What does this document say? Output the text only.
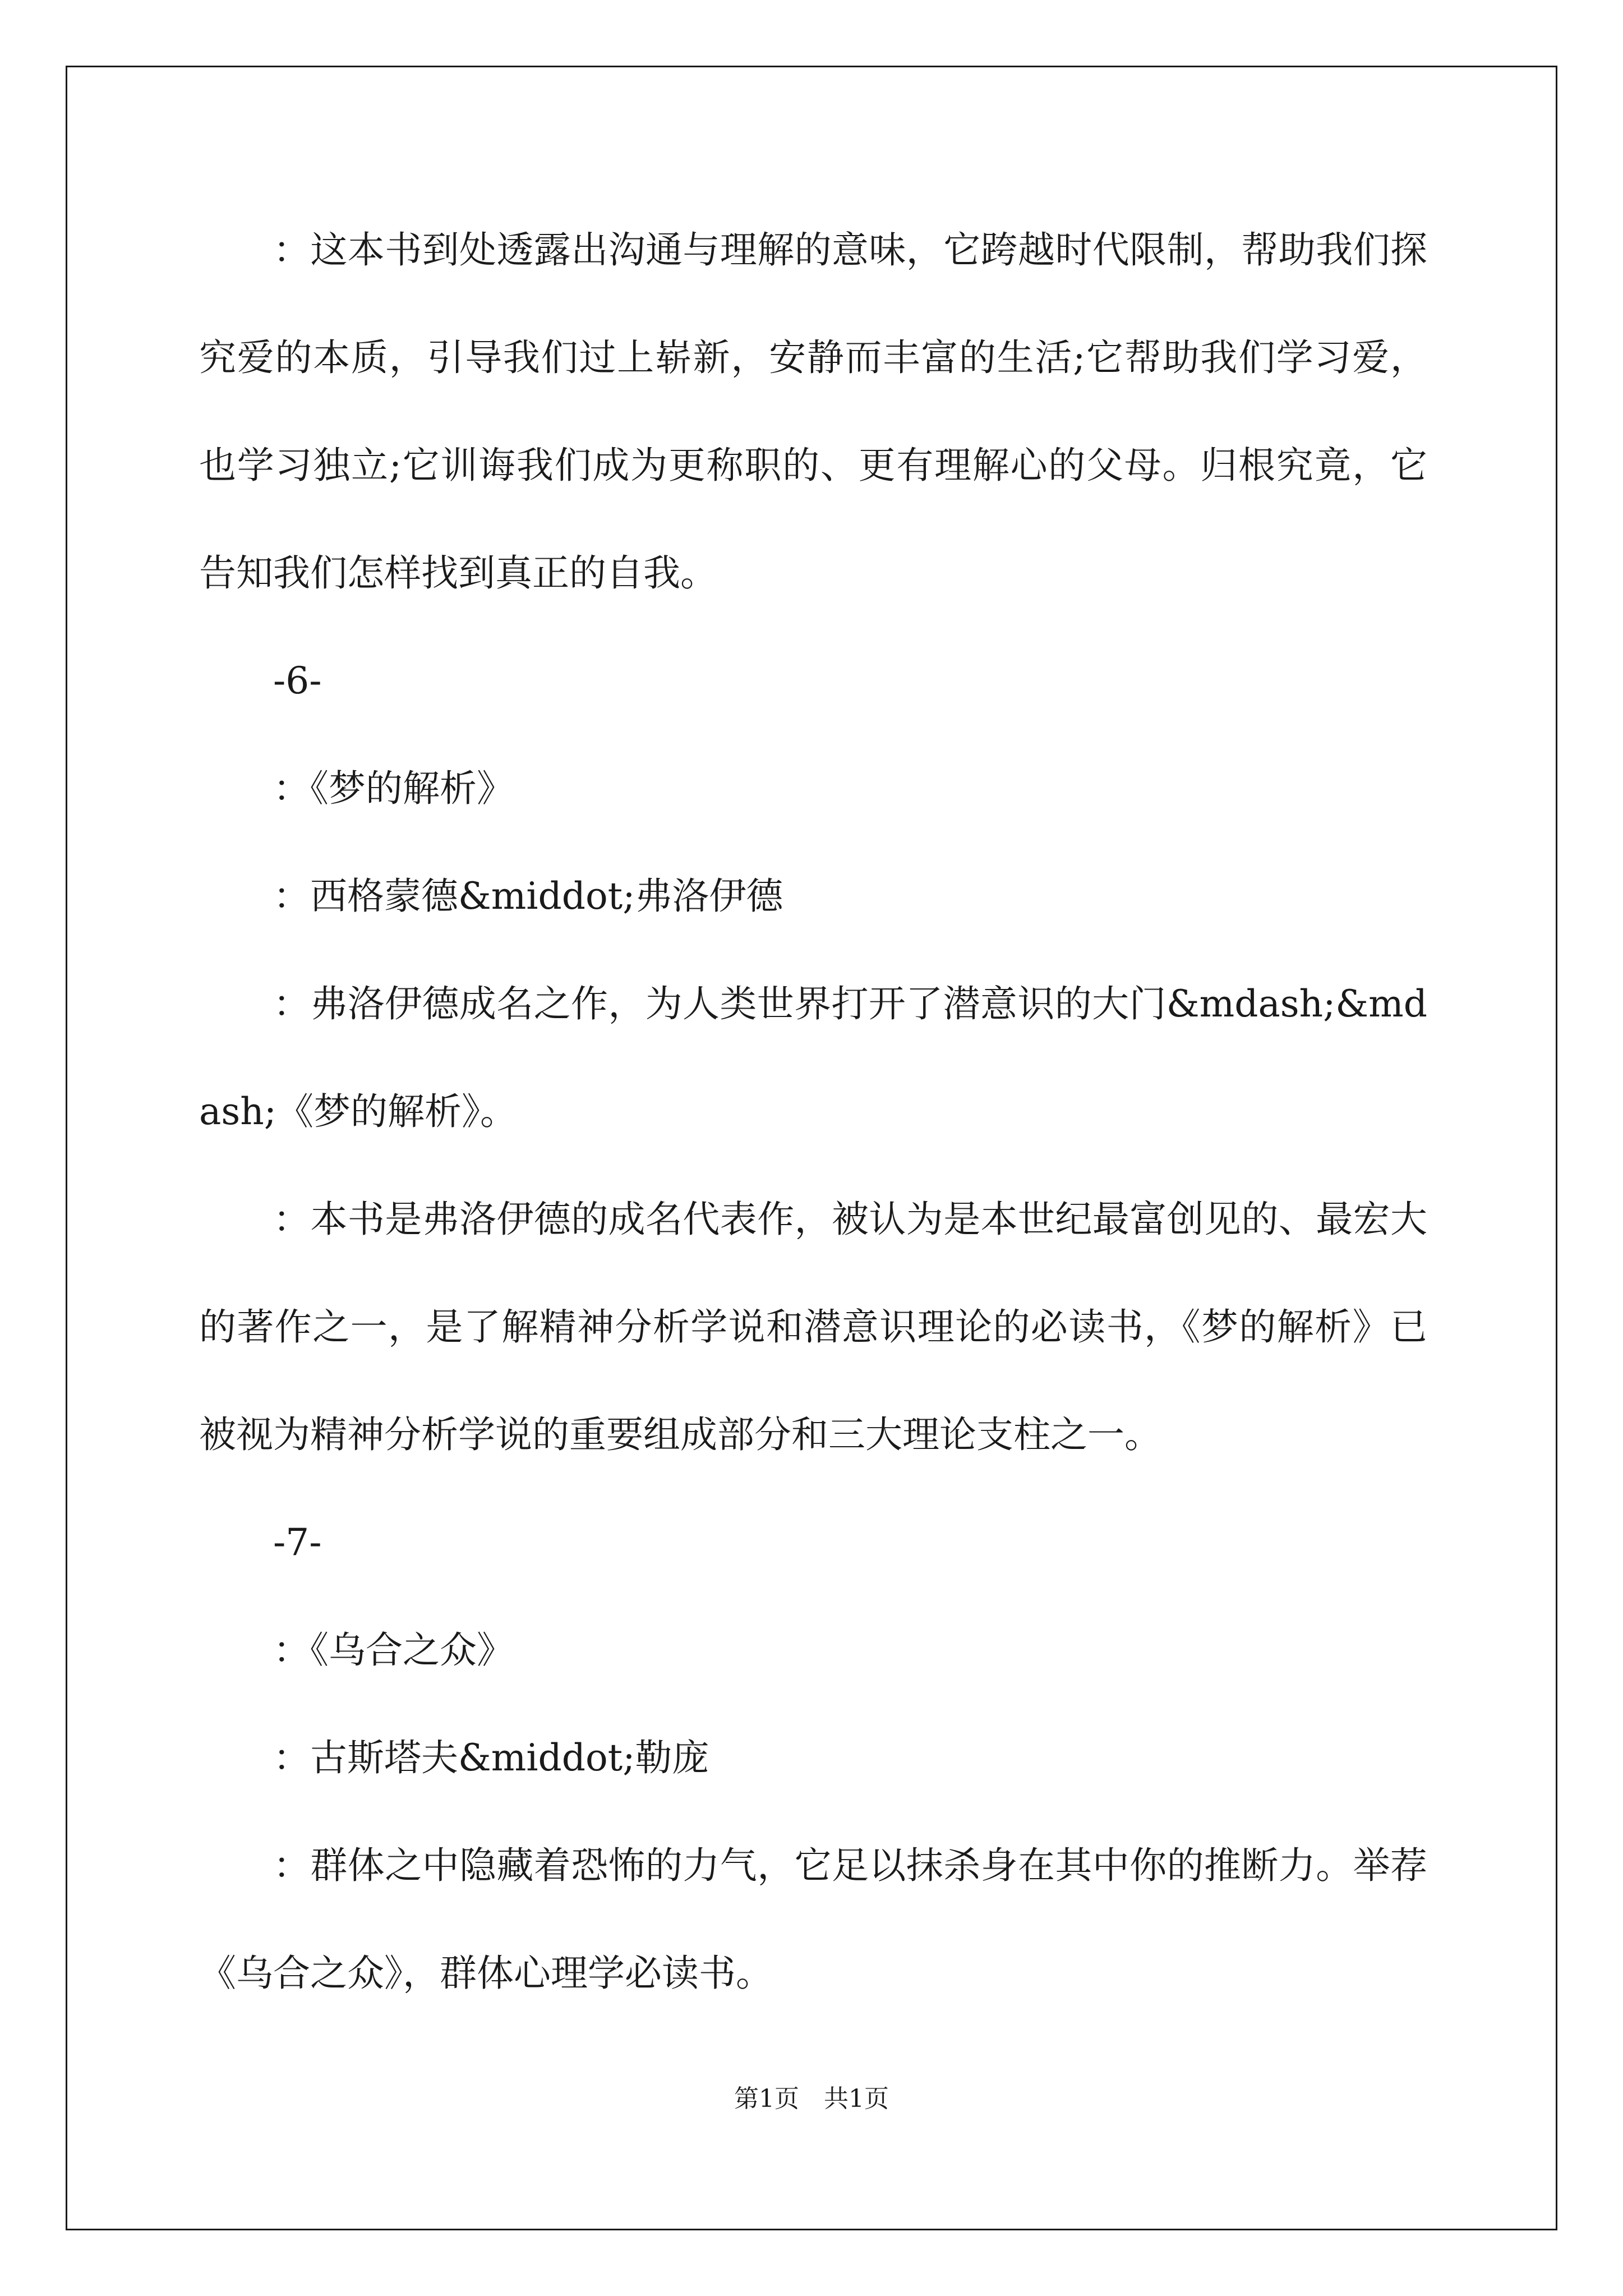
：这本书到处透露出沟通与理解的意味，它跨越时代限制，帮助我们探究爱的本质，引导我们过上崭新，安静而丰富的生活;它帮助我们学习爱，也学习独立;它训诲我们成为更称职的、更有理解心的父母。归根究竟，它告知我们怎样找到真正的自我。

-6-

：《梦的解析》

：西格蒙德&middot;弗洛伊德

：弗洛伊德成名之作，为人类世界打开了潜意识的大门&mdash;&mdash;《梦的解析》。

：本书是弗洛伊德的成名代表作，被认为是本世纪最富创见的、最宏大的著作之一，是了解精神分析学说和潜意识理论的必读书，《梦的解析》已被视为精神分析学说的重要组成部分和三大理论支柱之一。

-7-

：《乌合之众》

：古斯塔夫&middot;勒庞

：群体之中隐藏着恐怖的力气，它足以抹杀身在其中你的推断力。举荐《乌合之众》，群体心理学必读书。

第1页　共1页
